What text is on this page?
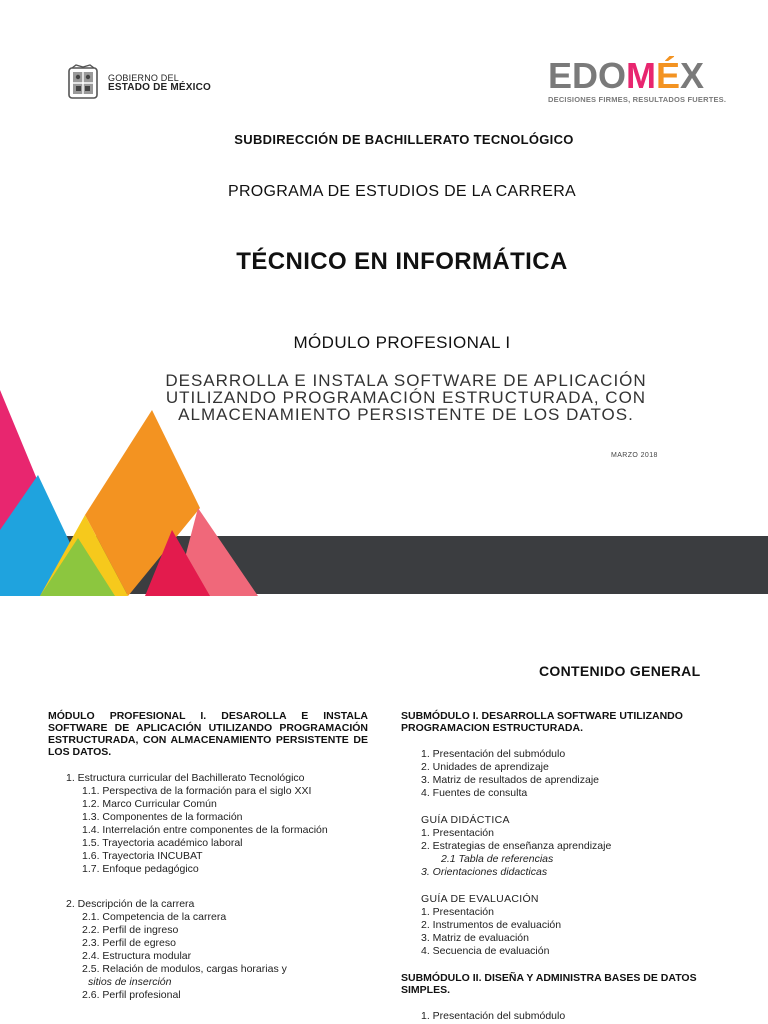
GOBIERNO DEL
ESTADO DE MÉXICO	EDOMÉX
DECISIONES FIRMES, RESULTADOS FUERTES.
SUBDIRECCIÓN DE BACHILLERATO TECNOLÓGICO
PROGRAMA DE ESTUDIOS DE LA CARRERA
TÉCNICO EN INFORMÁTICA
MÓDULO PROFESIONAL I
DESARROLLA E INSTALA SOFTWARE DE APLICACIÓN
UTILIZANDO PROGRAMACIÓN ESTRUCTURADA, CON
ALMACENAMIENTO PERSISTENTE DE LOS DATOS.
MARZO 2018
CONTENIDO GENERAL
MÓDULO PROFESIONAL I. DESAROLLA E INSTALA SOFTWARE DE APLICACIÓN UTILIZANDO PROGRAMACIÓN ESTRUCTURADA, CON ALMACENAMIENTO PERSISTENTE DE LOS DATOS.
1. Estructura curricular del Bachillerato Tecnológico
1.1. Perspectiva de la formación para el siglo XXI
1.2. Marco Curricular Común
1.3. Componentes de la formación
1.4. Interrelación entre componentes de la formación
1.5. Trayectoria académico laboral
1.6. Trayectoria INCUBAT
1.7. Enfoque pedagógico
2. Descripción de la carrera
2.1. Competencia de la carrera
2.2. Perfil de ingreso
2.3. Perfil de egreso
2.4. Estructura modular
2.5. Relación de modulos, cargas horarias y
sitios de inserción
2.6. Perfil profesional
SUBMÓDULO I. DESARROLLA SOFTWARE UTILIZANDO PROGRAMACION ESTRUCTURADA.
1. Presentación del submódulo
2. Unidades de aprendizaje
3. Matriz de resultados de aprendizaje
4. Fuentes de consulta
GUÍA DIDÁCTICA
1. Presentación
2. Estrategias de enseñanza aprendizaje
2.1 Tabla de referencias
3. Orientaciones didacticas
GUÍA DE EVALUACIÓN
1. Presentación
2. Instrumentos de evaluación
3. Matriz de evaluación
4. Secuencia de evaluación
SUBMÓDULO II. DISEÑA Y ADMINISTRA BASES DE DATOS SIMPLES.
1. Presentación del submódulo
